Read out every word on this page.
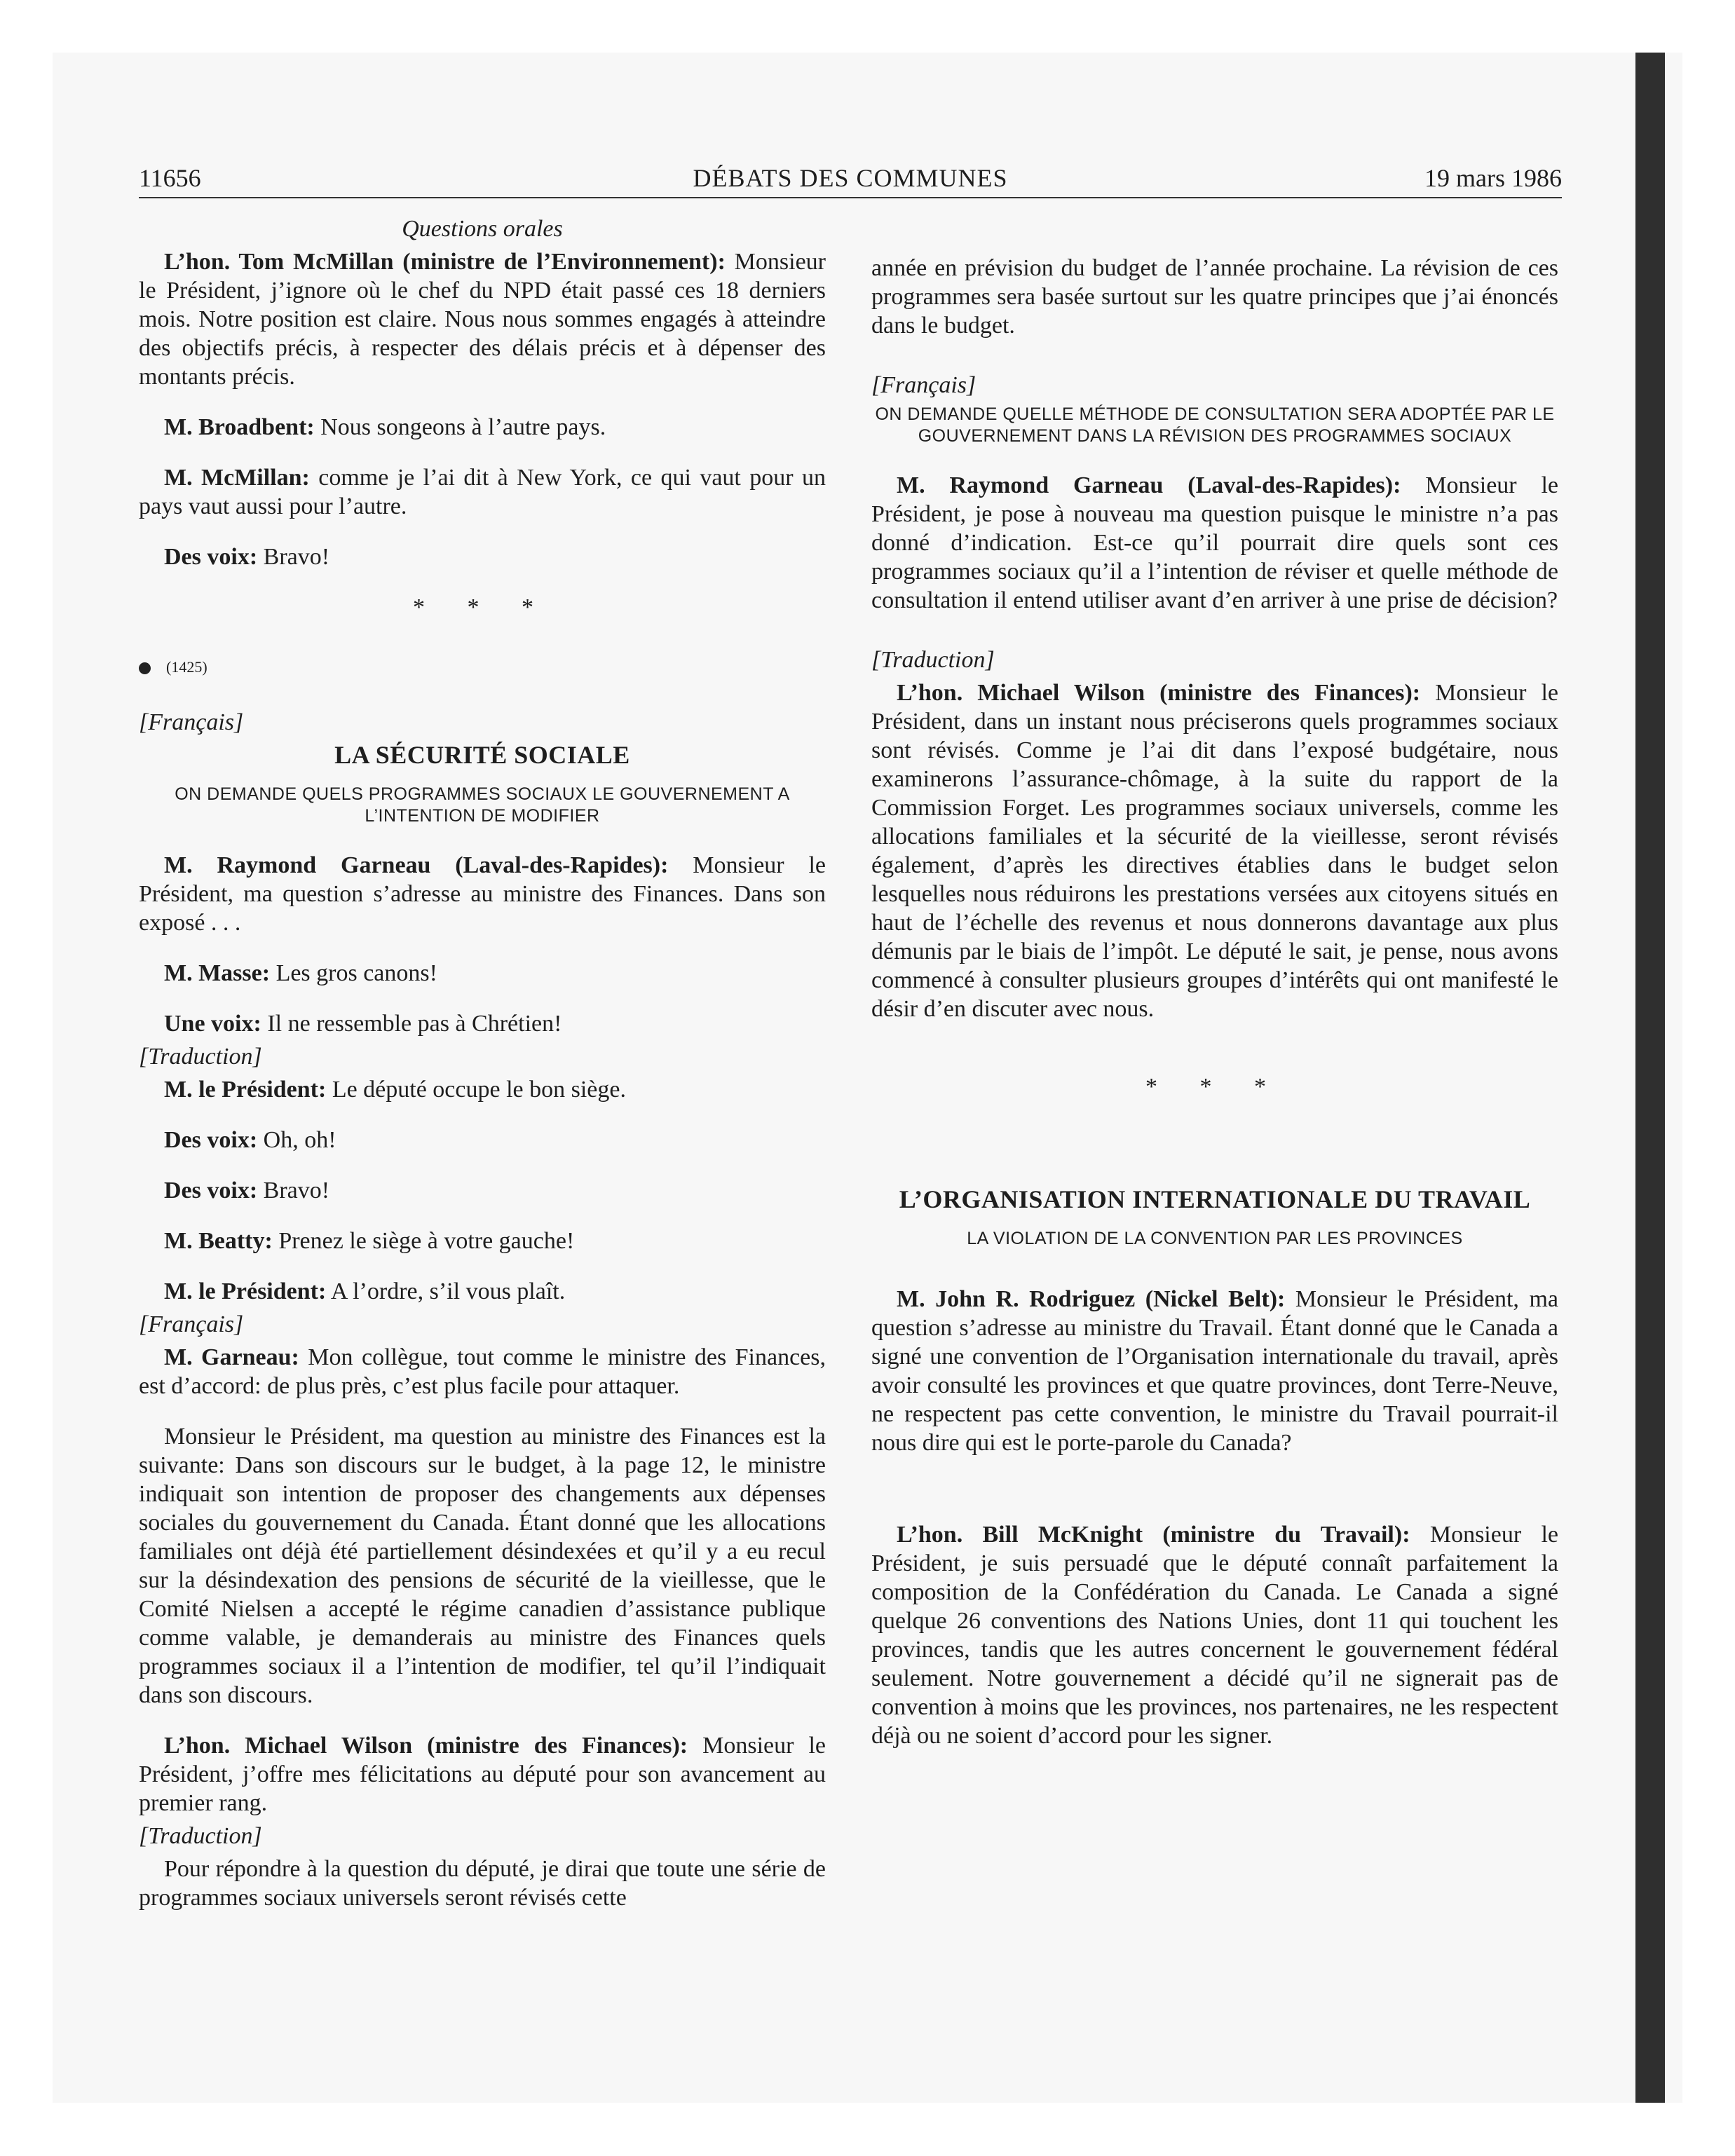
11656	DÉBATS DES COMMUNES	19 mars 1986
Questions orales

L’hon. Tom McMillan (ministre de l’Environnement): Monsieur le Président, j’ignore où le chef du NPD était passé ces 18 derniers mois. Notre position est claire. Nous nous sommes engagés à atteindre des objectifs précis, à respecter des délais précis et à dépenser des montants précis.

M. Broadbent: Nous songeons à l’autre pays.

M. McMillan: comme je l’ai dit à New York, ce qui vaut pour un pays vaut aussi pour l’autre.

Des voix: Bravo!

* * *
(1425)
[Français]
LA SÉCURITÉ SOCIALE
ON DEMANDE QUELS PROGRAMMES SOCIAUX LE GOUVERNEMENT A L’INTENTION DE MODIFIER

M. Raymond Garneau (Laval-des-Rapides): Monsieur le Président, ma question s’adresse au ministre des Finances. Dans son exposé . . .

M. Masse: Les gros canons!

Une voix: Il ne ressemble pas à Chrétien!

[Traduction]

M. le Président: Le député occupe le bon siège.

Des voix: Oh, oh!

Des voix: Bravo!

M. Beatty: Prenez le siège à votre gauche!

M. le Président: A l’ordre, s’il vous plaît.

[Français]

M. Garneau: Mon collègue, tout comme le ministre des Finances, est d’accord: de plus près, c’est plus facile pour attaquer.

Monsieur le Président, ma question au ministre des Finances est la suivante: Dans son discours sur le budget, à la page 12, le ministre indiquait son intention de proposer des changements aux dépenses sociales du gouvernement du Canada. Étant donné que les allocations familiales ont déjà été partiellement désindexées et qu’il y a eu recul sur la désindexation des pensions de sécurité de la vieillesse, que le Comité Nielsen a accepté le régime canadien d’assistance publique comme valable, je demanderais au ministre des Finances quels programmes sociaux il a l’intention de modifier, tel qu’il l’indiquait dans son discours.

L’hon. Michael Wilson (ministre des Finances): Monsieur le Président, j’offre mes félicitations au député pour son avancement au premier rang.

[Traduction]

Pour répondre à la question du député, je dirai que toute une série de programmes sociaux universels seront révisés cette

année en prévision du budget de l’année prochaine. La révision de ces programmes sera basée surtout sur les quatre principes que j’ai énoncés dans le budget.

[Français]
ON DEMANDE QUELLE MÉTHODE DE CONSULTATION SERA ADOPTÉE PAR LE GOUVERNEMENT DANS LA RÉVISION DES PROGRAMMES SOCIAUX

M. Raymond Garneau (Laval-des-Rapides): Monsieur le Président, je pose à nouveau ma question puisque le ministre n’a pas donné d’indication. Est-ce qu’il pourrait dire quels sont ces programmes sociaux qu’il a l’intention de réviser et quelle méthode de consultation il entend utiliser avant d’en arriver à une prise de décision?

[Traduction]

L’hon. Michael Wilson (ministre des Finances): Monsieur le Président, dans un instant nous préciserons quels programmes sociaux sont révisés. Comme je l’ai dit dans l’exposé budgétaire, nous examinerons l’assurance-chômage, à la suite du rapport de la Commission Forget. Les programmes sociaux universels, comme les allocations familiales et la sécurité de la vieillesse, seront révisés également, d’après les directives établies dans le budget selon lesquelles nous réduirons les prestations versées aux citoyens situés en haut de l’échelle des revenus et nous donnerons davantage aux plus démunis par le biais de l’impôt. Le député le sait, je pense, nous avons commencé à consulter plusieurs groupes d’intérêts qui ont manifesté le désir d’en discuter avec nous.

* * *
L’ORGANISATION INTERNATIONALE DU TRAVAIL
LA VIOLATION DE LA CONVENTION PAR LES PROVINCES

M. John R. Rodriguez (Nickel Belt): Monsieur le Président, ma question s’adresse au ministre du Travail. Étant donné que le Canada a signé une convention de l’Organisation internationale du travail, après avoir consulté les provinces et que quatre provinces, dont Terre-Neuve, ne respectent pas cette convention, le ministre du Travail pourrait-il nous dire qui est le porte-parole du Canada?

L’hon. Bill McKnight (ministre du Travail): Monsieur le Président, je suis persuadé que le député connaît parfaitement la composition de la Confédération du Canada. Le Canada a signé quelque 26 conventions des Nations Unies, dont 11 qui touchent les provinces, tandis que les autres concernent le gouvernement fédéral seulement. Notre gouvernement a décidé qu’il ne signerait pas de convention à moins que les provinces, nos partenaires, ne les respectent déjà ou ne soient d’accord pour les signer.
